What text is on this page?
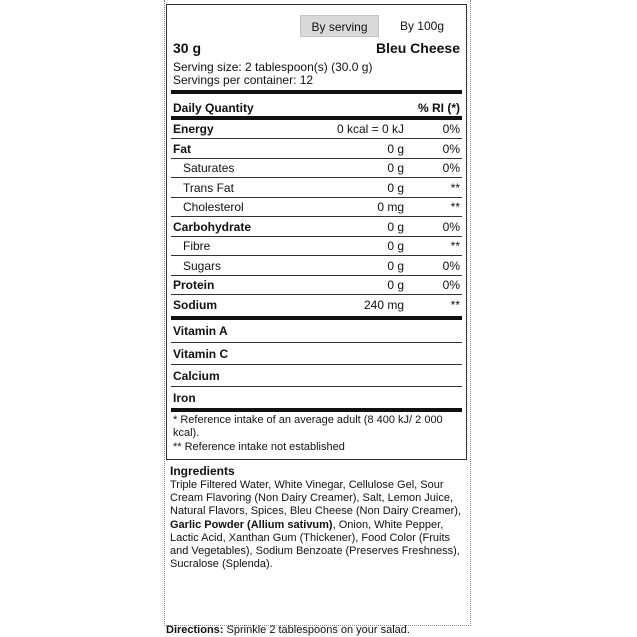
By serving	By 100g
30 g	Bleu Cheese
Serving size: 2 tablespoon(s) (30.0 g)
Servings per container: 12
Daily Quantity	% RI (*)
Energy	0 kcal = 0 kJ	0%
Fat	0 g	0%
Saturates	0 g	0%
Trans Fat	0 g	**
Cholesterol	0 mg	**
Carbohydrate	0 g	0%
Fibre	0 g	**
Sugars	0 g	0%
Protein	0 g	0%
Sodium	240 mg	**
Vitamin A
Vitamin C
Calcium
Iron
* Reference intake of an average adult (8 400 kJ/ 2 000 kcal).
** Reference intake not established
Ingredients
Triple Filtered Water, White Vinegar, Cellulose Gel, Sour Cream Flavoring (Non Dairy Creamer), Salt, Lemon Juice, Natural Flavors, Spices, Bleu Cheese (Non Dairy Creamer), Garlic Powder (Allium sativum), Onion, White Pepper, Lactic Acid, Xanthan Gum (Thickener), Food Color (Fruits and Vegetables), Sodium Benzoate (Preserves Freshness), Sucralose (Splenda).
Directions: Sprinkle 2 tablespoons on your salad.
